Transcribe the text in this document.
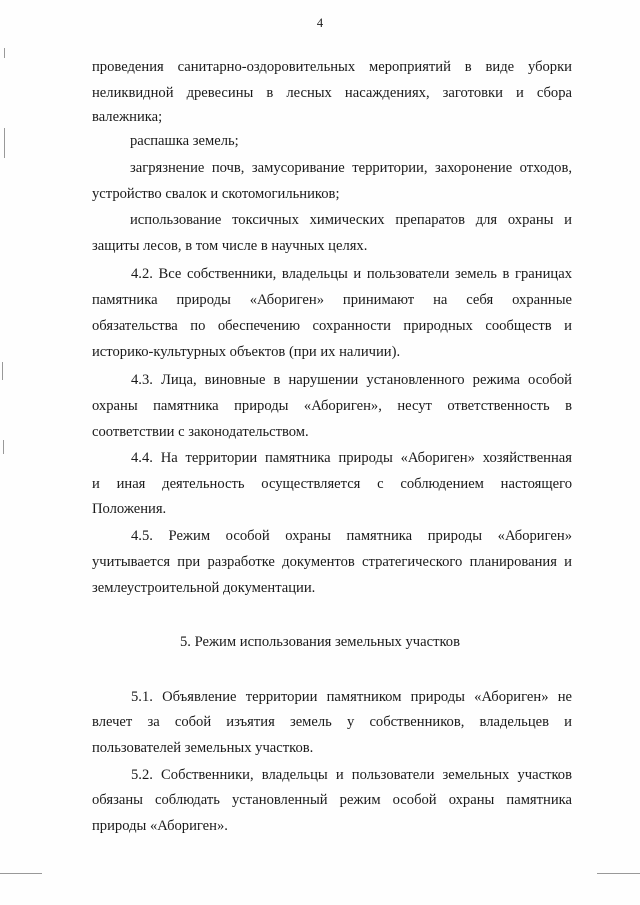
4
проведения санитарно-оздоровительных мероприятий в виде уборки
неликвидной древесины в лесных насаждениях, заготовки и сбора
валежника;
распашка земель;
загрязнение почв, замусоривание территории, захоронение отходов,
устройство свалок и скотомогильников;
использование токсичных химических препаратов для охраны и
защиты лесов, в том числе в научных целях.
4.2. Все собственники, владельцы и пользователи земель в границах
памятника природы «Абориген» принимают на себя охранные
обязательства по обеспечению сохранности природных сообществ и
историко-культурных объектов (при их наличии).
4.3. Лица, виновные в нарушении установленного режима особой
охраны памятника природы «Абориген», несут ответственность в
соответствии с законодательством.
4.4. На территории памятника природы «Абориген» хозяйственная
и иная деятельность осуществляется с соблюдением настоящего
Положения.
4.5. Режим особой охраны памятника природы «Абориген»
учитывается при разработке документов стратегического планирования и
землеустроительной документации.
5. Режим использования земельных участков
5.1. Объявление территории памятником природы «Абориген» не
влечет за собой изъятия земель у собственников, владельцев и
пользователей земельных участков.
5.2. Собственники, владельцы и пользователи земельных участков
обязаны соблюдать установленный режим особой охраны памятника
природы «Абориген».
